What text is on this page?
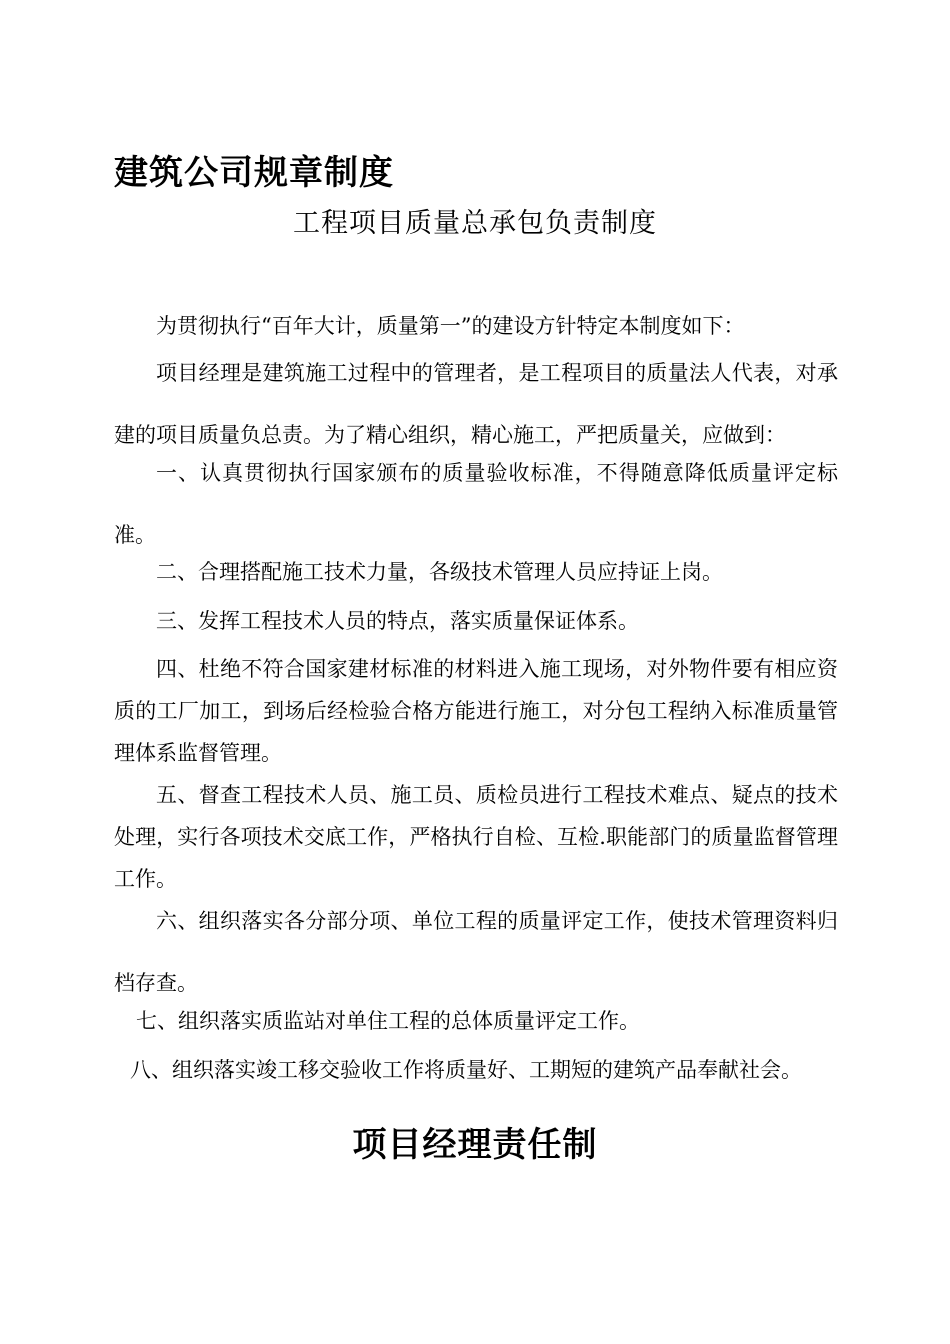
建筑公司规章制度
工程项目质量总承包负责制度

为贯彻执行“百年大计，质量第一”的建设方针特定本制度如下：

项目经理是建筑施工过程中的管理者，是工程项目的质量法人代表，对承建的项目质量负总责。为了精心组织，精心施工，严把质量关，应做到：

一、认真贯彻执行国家颁布的质量验收标准，不得随意降低质量评定标准。

二、合理搭配施工技术力量，各级技术管理人员应持证上岗。

三、发挥工程技术人员的特点，落实质量保证体系。

四、杜绝不符合国家建材标准的材料进入施工现场，对外物件要有相应资质的工厂加工，到场后经检验合格方能进行施工，对分包工程纳入标准质量管理体系监督管理。

五、督查工程技术人员、施工员、质检员进行工程技术难点、疑点的技术处理，实行各项技术交底工作，严格执行自检、互检.职能部门的质量监督管理工作。

六、组织落实各分部分项、单位工程的质量评定工作，使技术管理资料归档存查。

七、组织落实质监站对单住工程的总体质量评定工作。

八、组织落实竣工移交验收工作将质量好、工期短的建筑产品奉献社会。

项目经理责任制
